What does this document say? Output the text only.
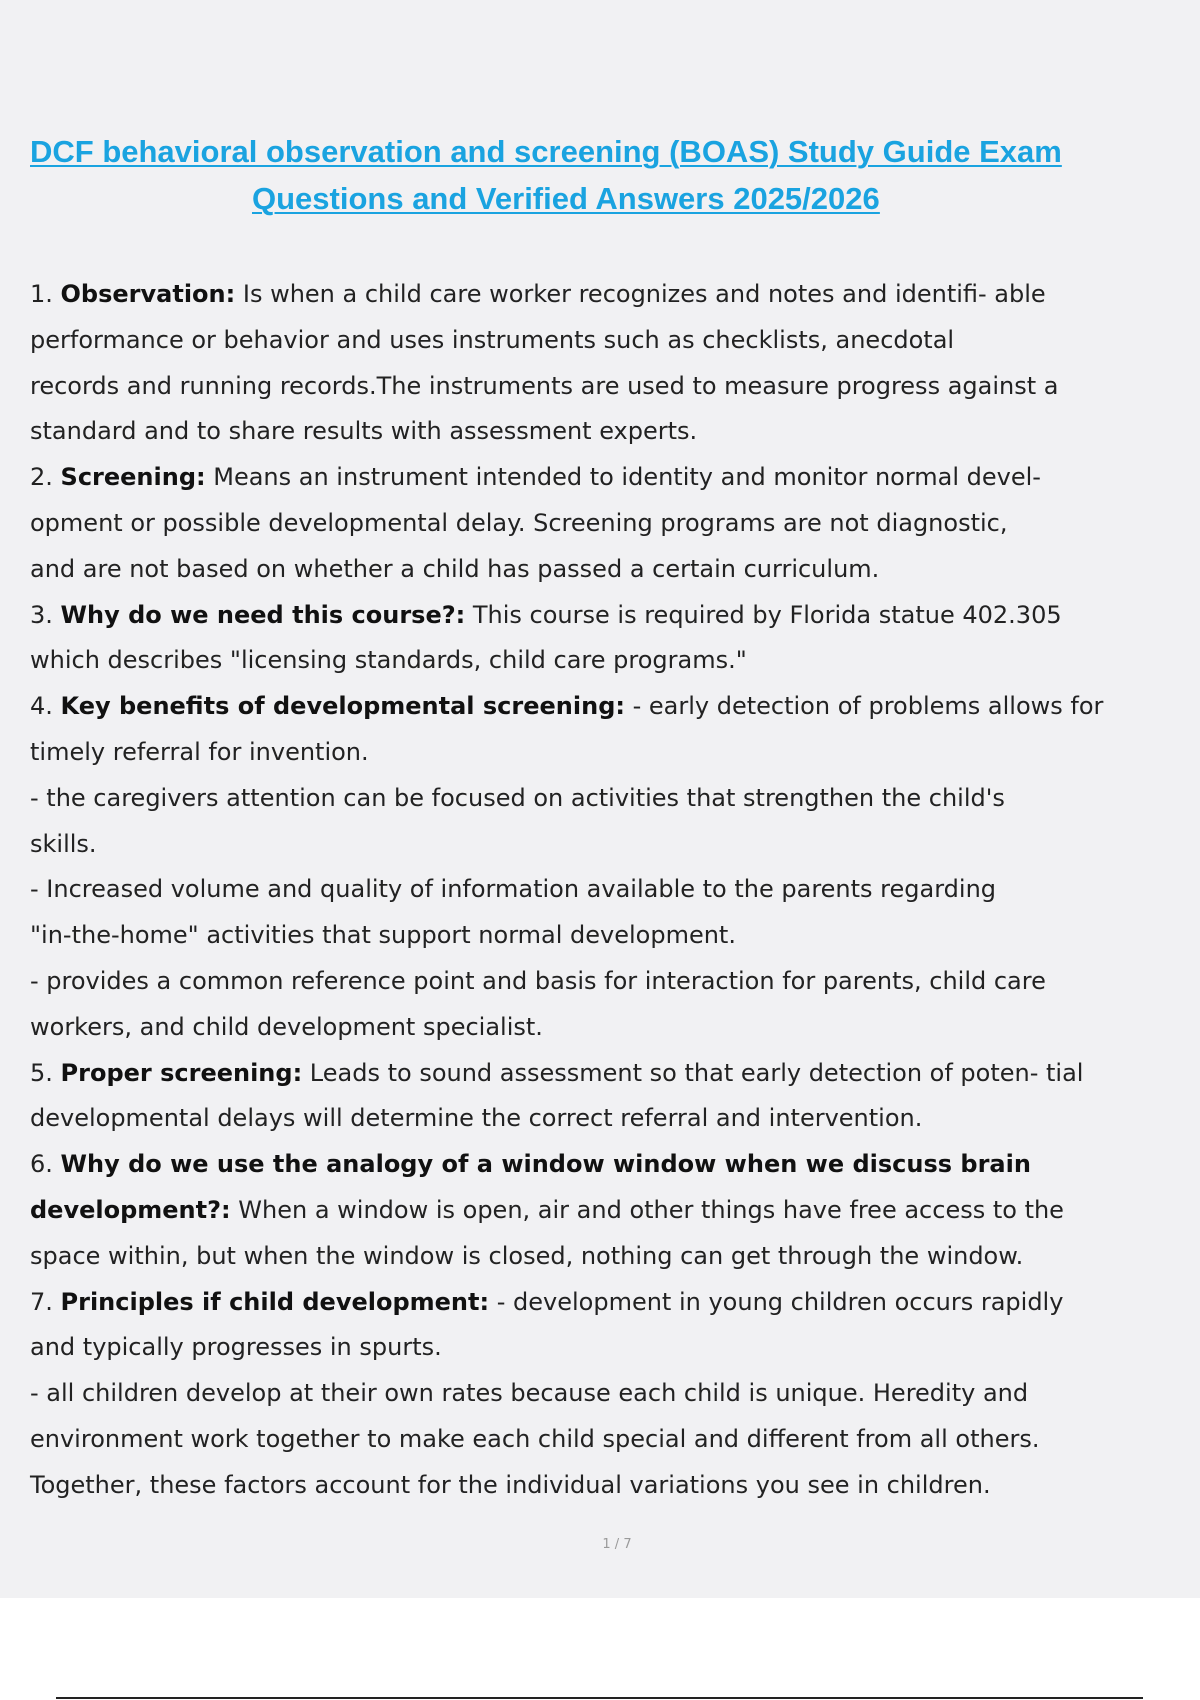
DCF behavioral observation and screening (BOAS) Study Guide Exam
Questions and Verified Answers 2025/2026
1. Observation: Is when a child care worker recognizes and notes and identifi- able
performance or behavior and uses instruments such as checklists, anecdotal
records and running records.The instruments are used to measure progress against a
standard and to share results with assessment experts.
2. Screening: Means an instrument intended to identity and monitor normal devel-
opment or possible developmental delay. Screening programs are not diagnostic,
and are not based on whether a child has passed a certain curriculum.
3. Why do we need this course?: This course is required by Florida statue 402.305
which describes "licensing standards, child care programs."
4. Key benefits of developmental screening: - early detection of problems allows for
timely referral for invention.
- the caregivers attention can be focused on activities that strengthen the child's
skills.
- Increased volume and quality of information available to the parents regarding
"in-the-home" activities that support normal development.
- provides a common reference point and basis for interaction for parents, child care
workers, and child development specialist.
5. Proper screening: Leads to sound assessment so that early detection of poten- tial
developmental delays will determine the correct referral and intervention.
6. Why do we use the analogy of a window window when we discuss brain
development?: When a window is open, air and other things have free access to the
space within, but when the window is closed, nothing can get through the window.
7. Principles if child development: - development in young children occurs rapidly
and typically progresses in spurts.
- all children develop at their own rates because each child is unique. Heredity and
environment work together to make each child special and different from all others.
Together, these factors account for the individual variations you see in children.
1 / 7
